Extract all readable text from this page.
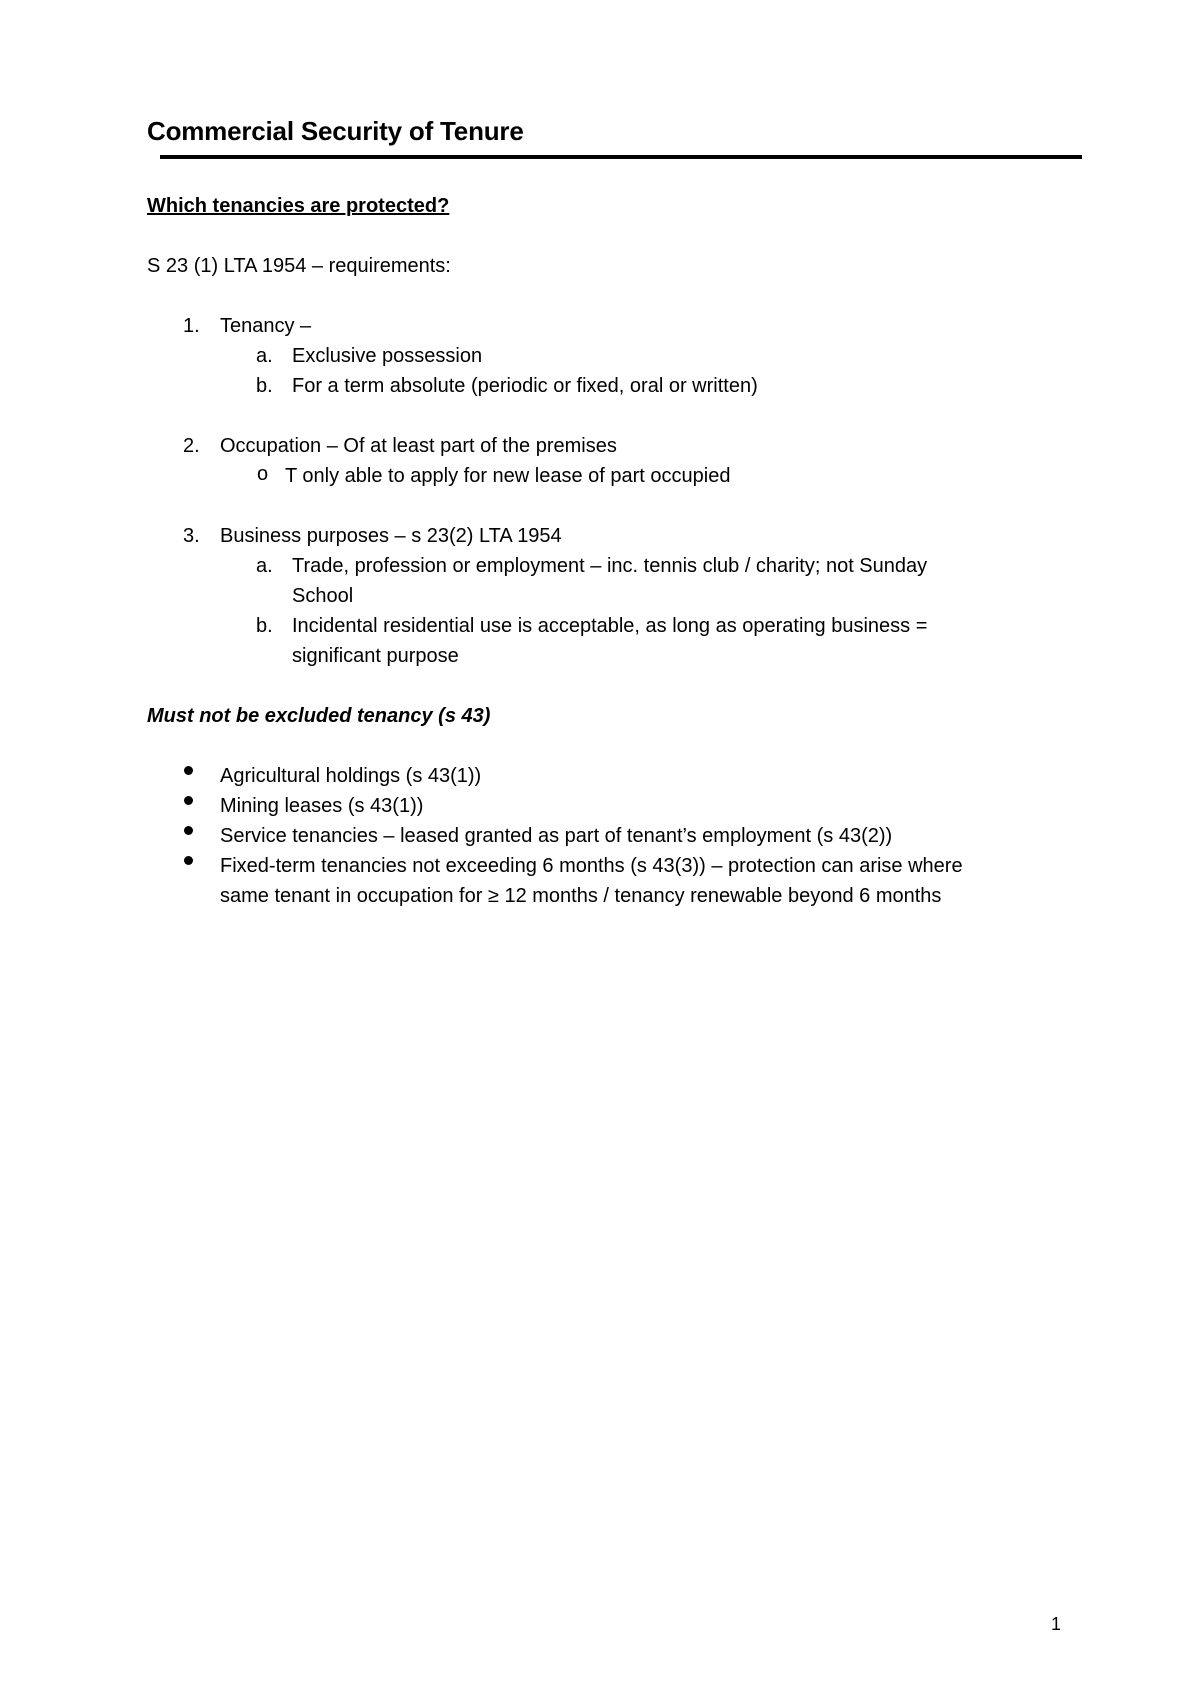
Commercial Security of Tenure
Which tenancies are protected?
S 23 (1) LTA 1954 – requirements:
1. Tenancy –
a. Exclusive possession
b. For a term absolute (periodic or fixed, oral or written)
2. Occupation – Of at least part of the premises
o T only able to apply for new lease of part occupied
3. Business purposes – s 23(2) LTA 1954
a. Trade, profession or employment – inc. tennis club / charity; not Sunday
School
b. Incidental residential use is acceptable, as long as operating business =
significant purpose
Must not be excluded tenancy (s 43)
Agricultural holdings (s 43(1))
Mining leases (s 43(1))
Service tenancies – leased granted as part of tenant’s employment (s 43(2))
Fixed-term tenancies not exceeding 6 months (s 43(3)) – protection can arise where
same tenant in occupation for ≥ 12 months / tenancy renewable beyond 6 months
1
